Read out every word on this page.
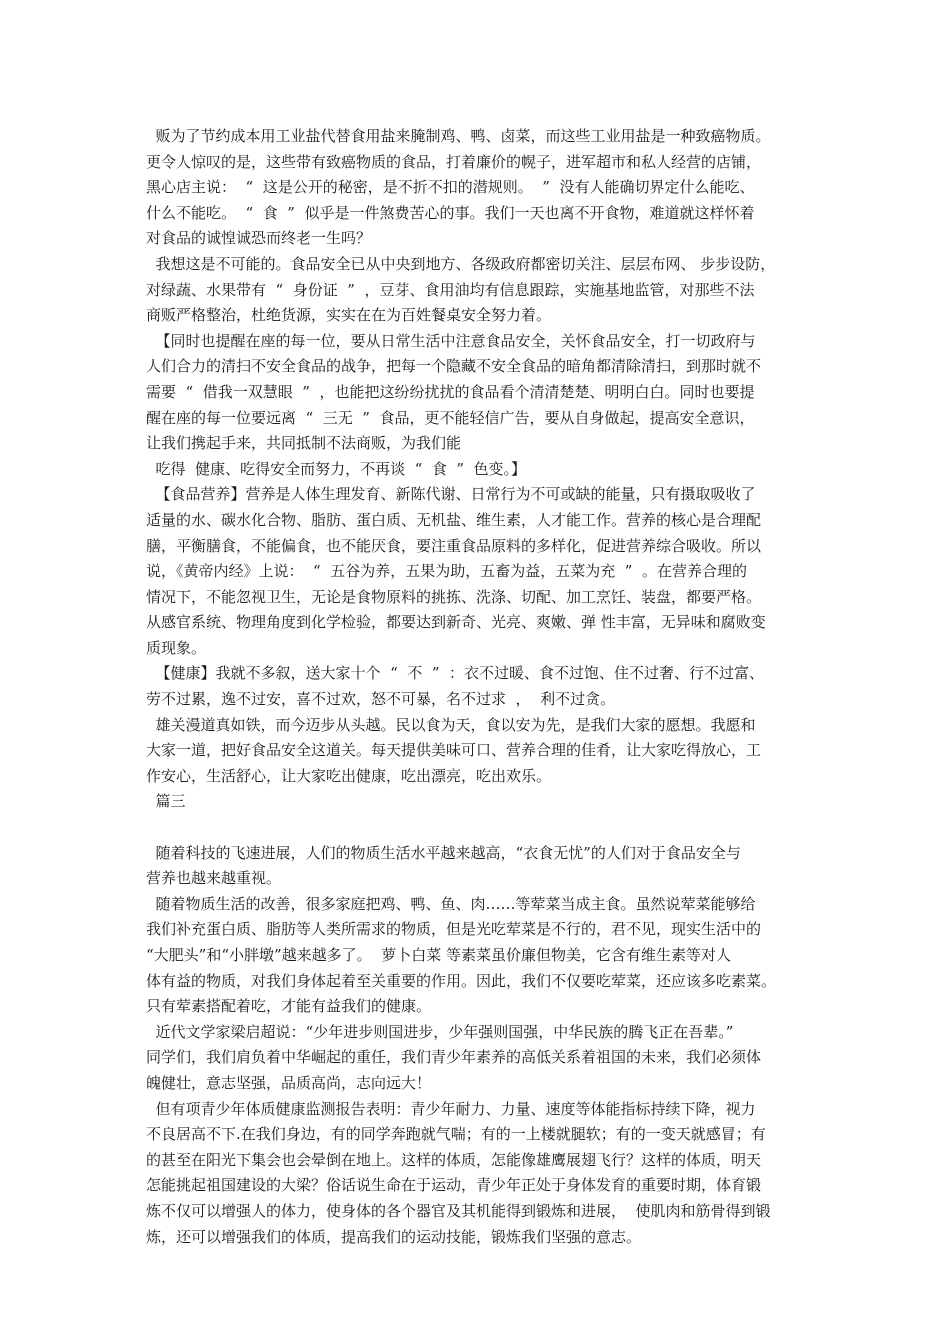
贩为了节约成本用工业盐代替食用盐来腌制鸡、鸭、卤菜，而这些工业用盐是一种致癌物质。
更令人惊叹的是，这些带有致癌物质的食品，打着廉价的幌子，进军超市和私人经营的店铺，
黑心店主说：  “  这是公开的秘密，是不折不扣的潜规则。  ”  没有人能确切界定什么能吃、
什么不能吃。  “  食  ”  似乎是一件煞费苦心的事。我们一天也离不开食物，难道就这样怀着
对食品的诚惶诚恐而终老一生吗？
我想这是不可能的。食品安全已从中央到地方、各级政府都密切关注、层层布网、 步步设防，
对绿蔬、水果带有  “  身份证  ”  ，豆芽、食用油均有信息跟踪，实施基地监管，对那些不法
商贩严格整治，杜绝货源，实实在在为百姓餐桌安全努力着。
【同时也提醒在座的每一位，要从日常生活中注意食品安全，关怀食品安全，打一切政府与
人们合力的清扫不安全食品的战争，把每一个隐藏不安全食品的暗角都清除清扫，到那时就不
需要  “  借我一双慧眼  ”  ，也能把这纷纷扰扰的食品看个清清楚楚、明明白白。同时也要提
醒在座的每一位要远离  “  三无  ”  食品，更不能轻信广告，要从自身做起，提高安全意识，
让我们携起手来，共同抵制不法商贩，为我们能
吃得  健康、吃得安全而努力，不再谈  “  食  ”  色变。】
【食品营养】营养是人体生理发育、新陈代谢、日常行为不可或缺的能量，只有摄取吸收了
适量的水、碳水化合物、脂肪、蛋白质、无机盐、维生素，人才能工作。营养的核心是合理配
膳，平衡膳食，不能偏食，也不能厌食，要注重食品原料的多样化，促进营养综合吸收。所以
说，《黄帝内经》上说：  “  五谷为养，五果为助，五畜为益，五菜为充  ”  。在营养合理的
情况下，不能忽视卫生，无论是食物原料的挑拣、洗涤、切配、加工烹饪、装盘，都要严格。
从感官系统、物理角度到化学检验，都要达到新奇、光亮、爽嫩、弹 性丰富，无异味和腐败变
质现象。
【健康】我就不多叙，送大家十个  “  不  ”  ：衣不过暖、食不过饱、住不过奢、行不过富、
劳不过累，逸不过安，喜不过欢，怒不可暴，名不过求  ，  利不过贪。
雄关漫道真如铁，而今迈步从头越。民以食为天，食以安为先，是我们大家的愿想。我愿和
大家一道，把好食品安全这道关。每天提供美味可口、营养合理的佳肴，让大家吃得放心，工
作安心，生活舒心，让大家吃出健康，吃出漂亮，吃出欢乐。
篇三
随着科技的飞速进展，人们的物质生活水平越来越高，“衣食无忧”的人们对于食品安全与
营养也越来越重视。
随着物质生活的改善，很多家庭把鸡、鸭、鱼、肉……等荤菜当成主食。虽然说荤菜能够给
我们补充蛋白质、脂肪等人类所需求的物质，但是光吃荤菜是不行的，君不见，现实生活中的
“大肥头”和“小胖墩”越来越多了。  萝卜白菜 等素菜虽价廉但物美，它含有维生素等对人
体有益的物质，对我们身体起着至关重要的作用。因此，我们不仅要吃荤菜，还应该多吃素菜。
只有荤素搭配着吃，才能有益我们的健康。
近代文学家梁启超说：“少年进步则国进步，少年强则国强，中华民族的腾飞正在吾辈。”
同学们，我们肩负着中华崛起的重任，我们青少年素养的高低关系着祖国的未来，我们必须体
魄健壮，意志坚强，品质高尚，志向远大！
但有项青少年体质健康监测报告表明：青少年耐力、力量、速度等体能指标持续下降，视力
不良居高不下.在我们身边，有的同学奔跑就气喘；有的一上楼就腿软；有的一变天就感冒；有
的甚至在阳光下集会也会晕倒在地上。这样的体质，怎能像雄鹰展翅飞行？这样的体质，明天
怎能挑起祖国建设的大梁？俗话说生命在于运动，青少年正处于身体发育的重要时期，体育锻
炼不仅可以增强人的体力，使身体的各个器官及其机能得到锻炼和进展，  使肌肉和筋骨得到锻
炼，还可以增强我们的体质，提高我们的运动技能，锻炼我们坚强的意志。
